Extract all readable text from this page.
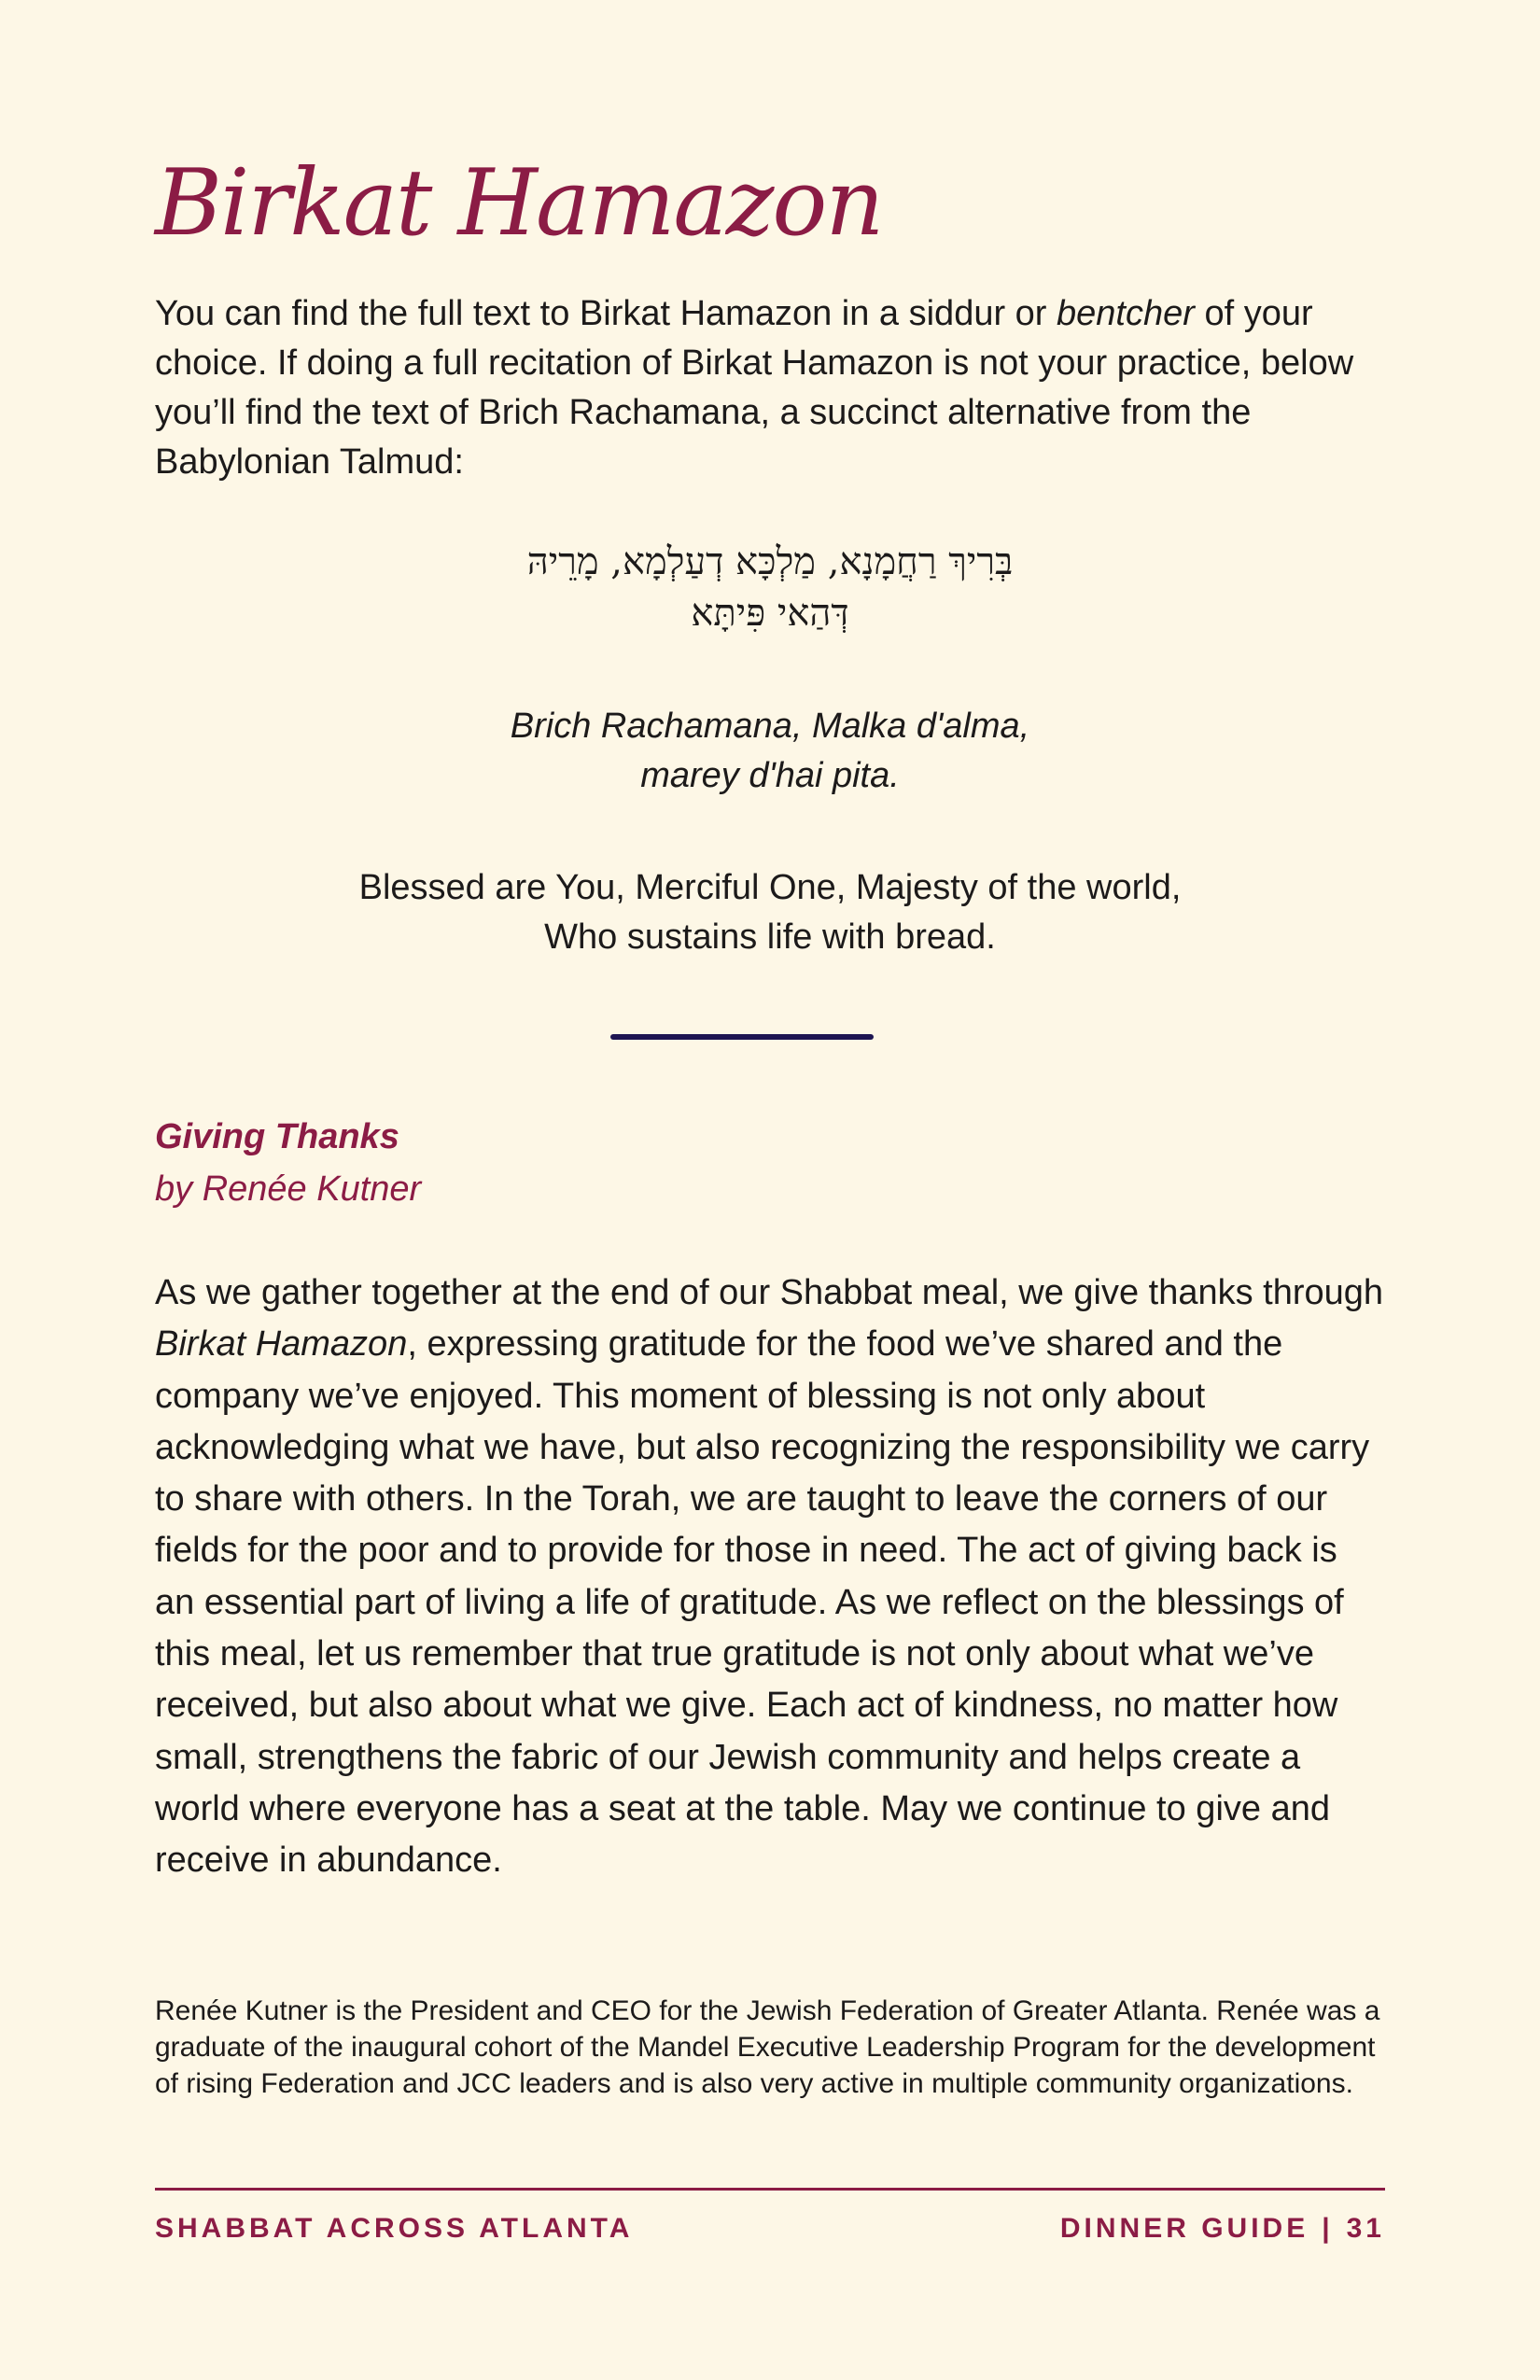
Birkat Hamazon

You can find the full text to Birkat Hamazon in a siddur or bentcher of your choice. If doing a full recitation of Birkat Hamazon is not your practice, below you’ll find the text of Brich Rachamana, a succinct alternative from the Babylonian Talmud:

בְּרִיךְ רַחֲמָנָא, מַלְכָּא דְעַלְמָא, מָרֵיהּ
דְּהַאי פִּיתָּא
Brich Rachamana, Malka d'alma,
marey d'hai pita.
Blessed are You, Merciful One, Majesty of the world,
Who sustains life with bread.

Giving Thanks

by Renée Kutner

As we gather together at the end of our Shabbat meal, we give thanks through Birkat Hamazon, expressing gratitude for the food we’ve shared and the company we’ve enjoyed. This moment of blessing is not only about acknowledging what we have, but also recognizing the responsibility we carry to share with others. In the Torah, we are taught to leave the corners of our fields for the poor and to provide for those in need. The act of giving back is an essential part of living a life of gratitude. As we reflect on the blessings of this meal, let us remember that true gratitude is not only about what we’ve received, but also about what we give. Each act of kindness, no matter how small, strengthens the fabric of our Jewish community and helps create a world where everyone has a seat at the table. May we continue to give and receive in abundance.

Renée Kutner is the President and CEO for the Jewish Federation of Greater Atlanta. Renée was a graduate of the inaugural cohort of the Mandel Executive Leadership Program for the development of rising Federation and JCC leaders and is also very active in multiple community organizations.

SHABBAT ACROSS ATLANTA	DINNER GUIDE | 31
